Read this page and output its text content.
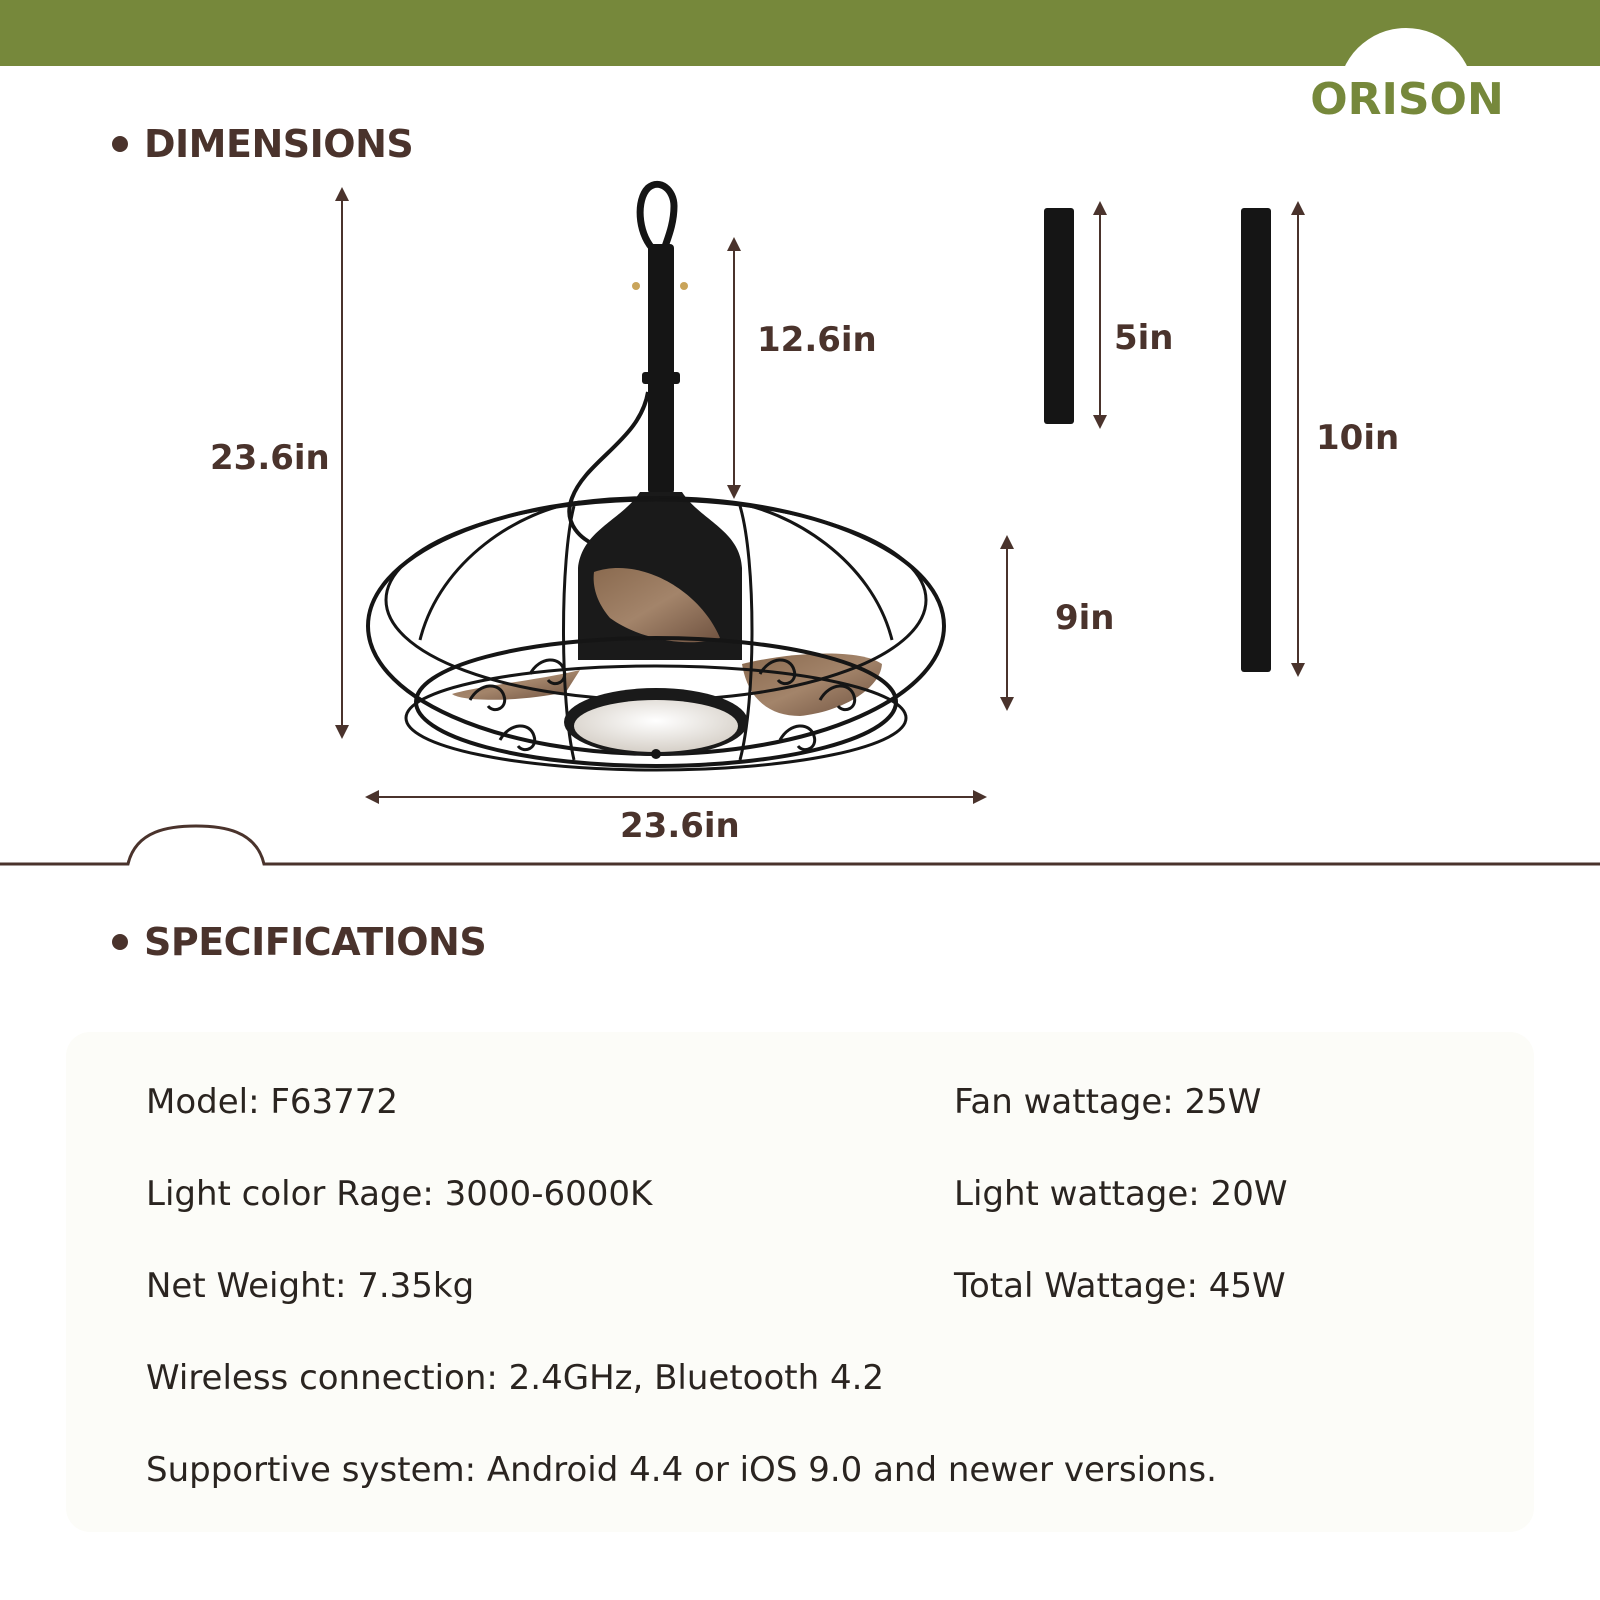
ORISON
DIMENSIONS
23.6in
12.6in
9in
23.6in
5in
10in
SPECIFICATIONS
Model: F63772	Fan wattage: 25W
Light color Rage: 3000-6000K	Light wattage: 20W
Net Weight: 7.35kg	Total Wattage: 45W
Wireless connection: 2.4GHz, Bluetooth 4.2
Supportive system: Android 4.4 or iOS 9.0 and newer versions.
